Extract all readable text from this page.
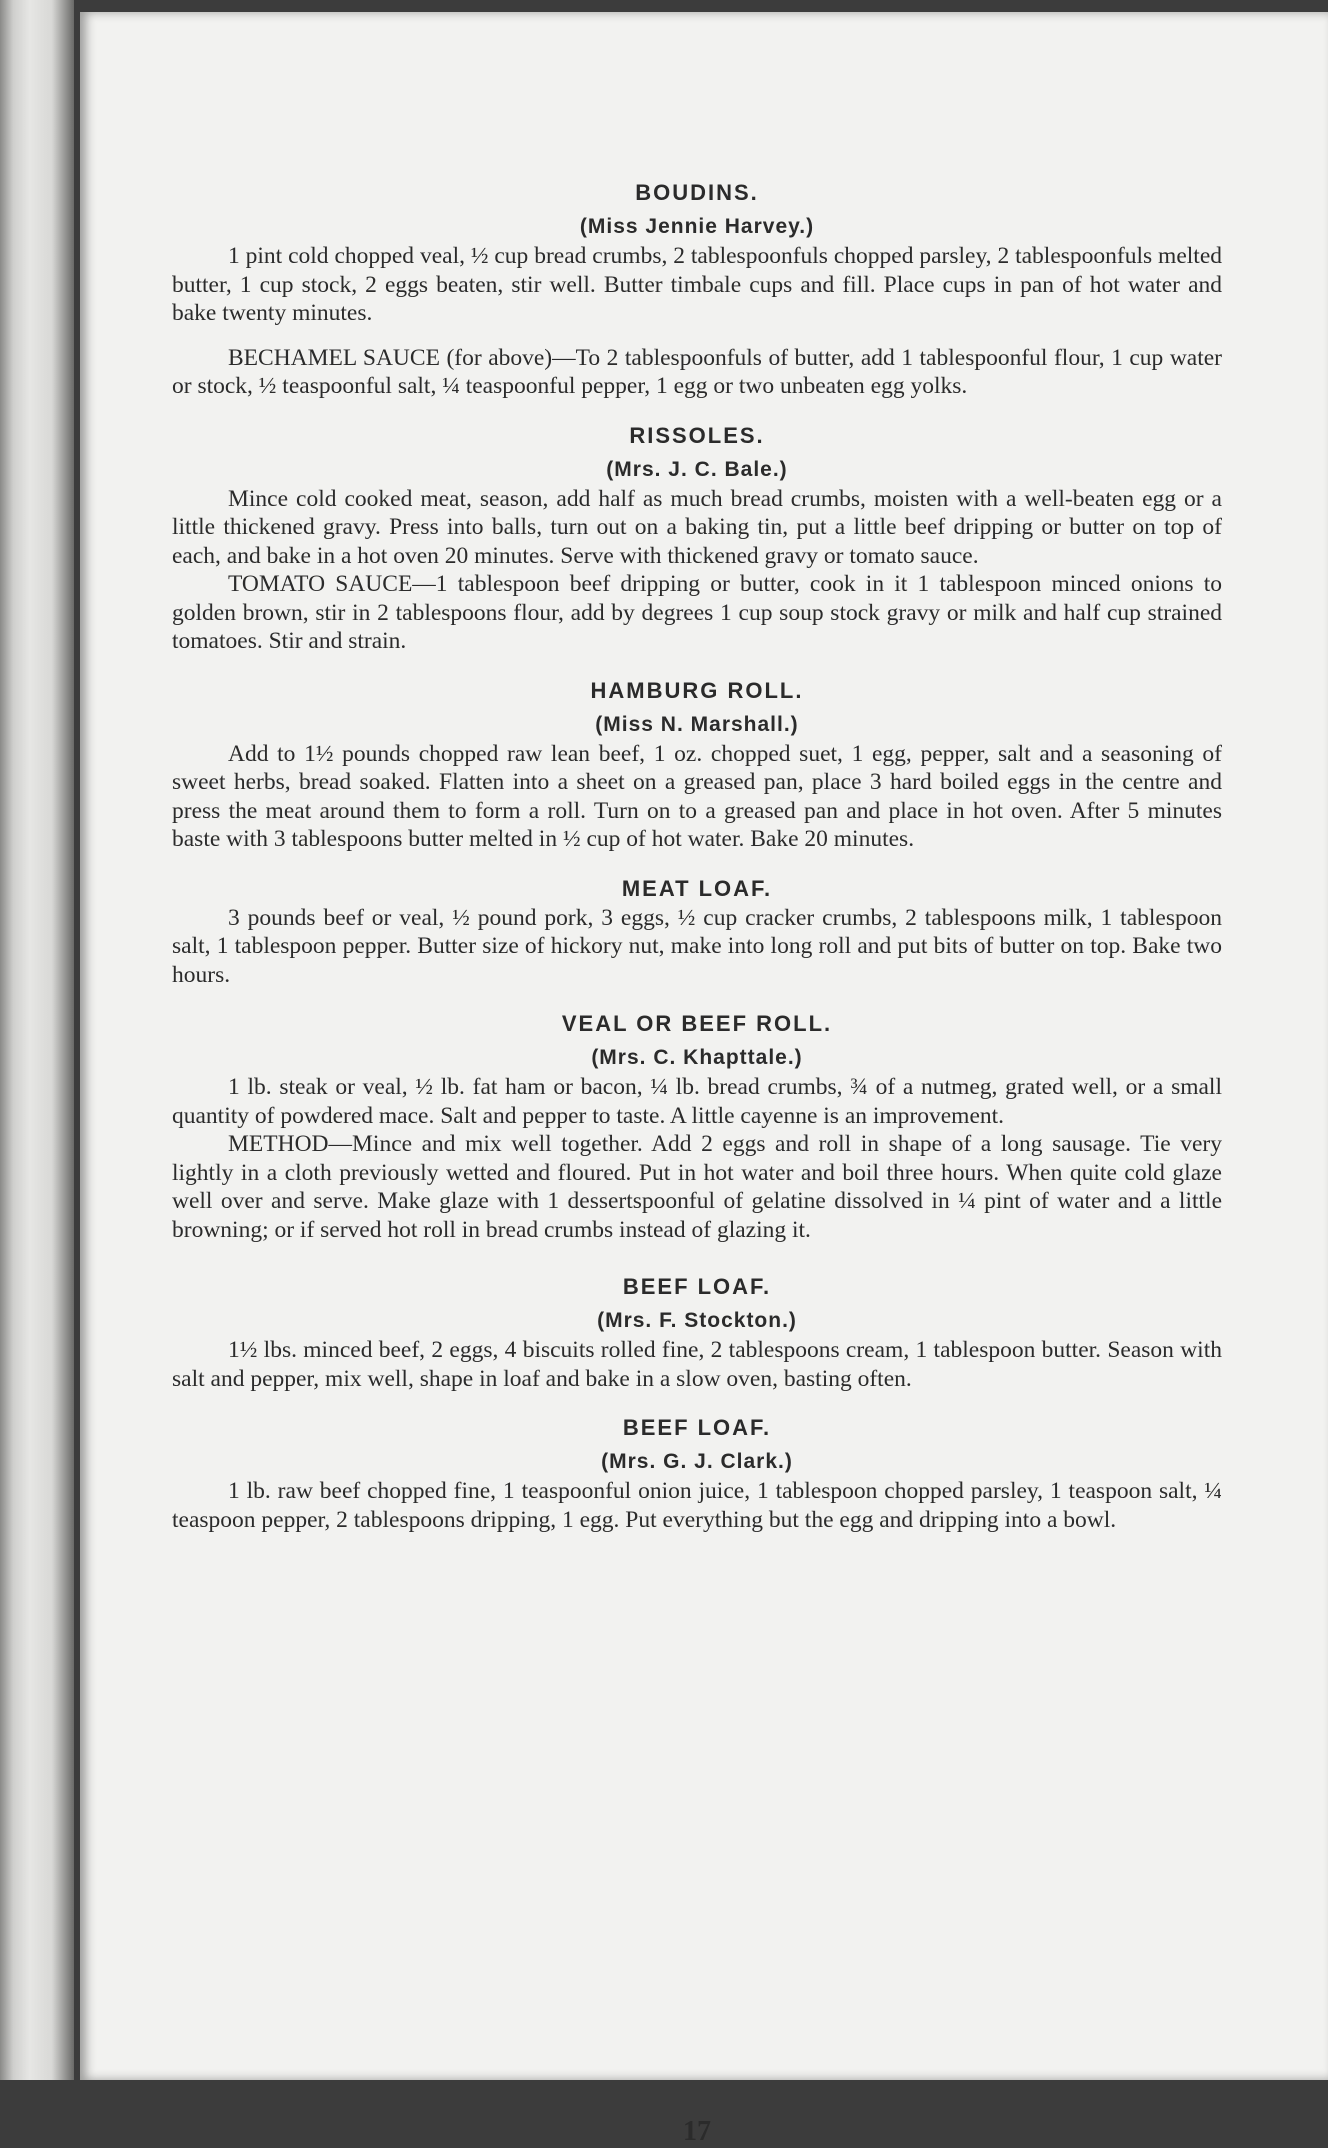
BOUDINS.
(Miss Jennie Harvey.)

1 pint cold chopped veal, ½ cup bread crumbs, 2 tablespoonfuls chopped parsley, 2 tablespoonfuls melted butter, 1 cup stock, 2 eggs beaten, stir well. Butter timbale cups and fill. Place cups in pan of hot water and bake twenty minutes.

BECHAMEL SAUCE (for above)—To 2 tablespoonfuls of butter, add 1 tablespoonful flour, 1 cup water or stock, ½ teaspoonful salt, ¼ teaspoonful pepper, 1 egg or two unbeaten egg yolks.

RISSOLES.
(Mrs. J. C. Bale.)

Mince cold cooked meat, season, add half as much bread crumbs, moisten with a well-beaten egg or a little thickened gravy. Press into balls, turn out on a baking tin, put a little beef dripping or butter on top of each, and bake in a hot oven 20 minutes. Serve with thickened gravy or tomato sauce.

TOMATO SAUCE—1 tablespoon beef dripping or butter, cook in it 1 tablespoon minced onions to golden brown, stir in 2 tablespoons flour, add by degrees 1 cup soup stock gravy or milk and half cup strained tomatoes. Stir and strain.

HAMBURG ROLL.
(Miss N. Marshall.)

Add to 1½ pounds chopped raw lean beef, 1 oz. chopped suet, 1 egg, pepper, salt and a seasoning of sweet herbs, bread soaked. Flatten into a sheet on a greased pan, place 3 hard boiled eggs in the centre and press the meat around them to form a roll. Turn on to a greased pan and place in hot oven. After 5 minutes baste with 3 tablespoons butter melted in ½ cup of hot water. Bake 20 minutes.

MEAT LOAF.

3 pounds beef or veal, ½ pound pork, 3 eggs, ½ cup cracker crumbs, 2 tablespoons milk, 1 tablespoon salt, 1 tablespoon pepper. Butter size of hickory nut, make into long roll and put bits of butter on top. Bake two hours.

VEAL OR BEEF ROLL.
(Mrs. C. Khapttale.)

1 lb. steak or veal, ½ lb. fat ham or bacon, ¼ lb. bread crumbs, ¾ of a nutmeg, grated well, or a small quantity of powdered mace. Salt and pepper to taste. A little cayenne is an improvement.

METHOD—Mince and mix well together. Add 2 eggs and roll in shape of a long sausage. Tie very lightly in a cloth previously wetted and floured. Put in hot water and boil three hours. When quite cold glaze well over and serve. Make glaze with 1 dessertspoonful of gelatine dissolved in ¼ pint of water and a little browning; or if served hot roll in bread crumbs instead of glazing it.

BEEF LOAF.
(Mrs. F. Stockton.)

1½ lbs. minced beef, 2 eggs, 4 biscuits rolled fine, 2 tablespoons cream, 1 tablespoon butter. Season with salt and pepper, mix well, shape in loaf and bake in a slow oven, basting often.

BEEF LOAF.
(Mrs. G. J. Clark.)

1 lb. raw beef chopped fine, 1 teaspoonful onion juice, 1 tablespoon chopped parsley, 1 teaspoon salt, ¼ teaspoon pepper, 2 tablespoons dripping, 1 egg. Put everything but the egg and dripping into a bowl.

17
